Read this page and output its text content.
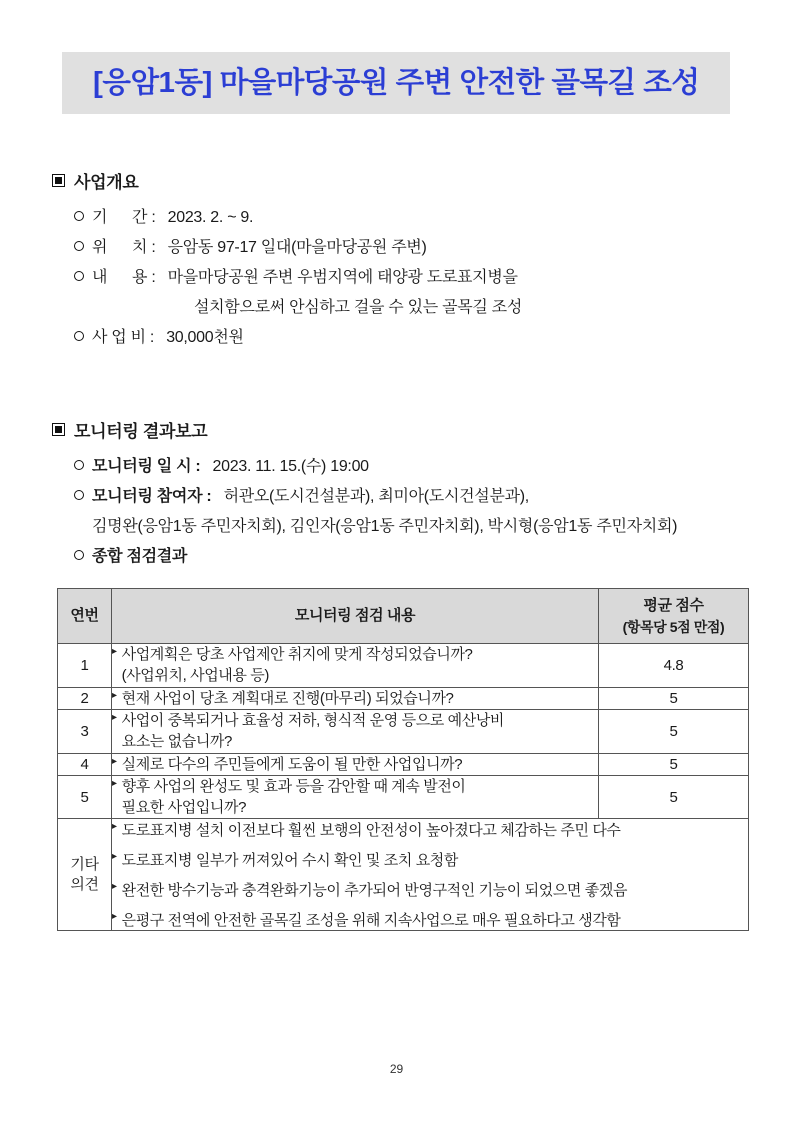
[응암1동] 마을마당공원 주변 안전한 골목길 조성
사업개요
기      간 : 2023. 2. ~ 9.
위      치 : 응암동 97-17 일대(마을마당공원 주변)
내      용 : 마을마당공원 주변 우범지역에 태양광 도로표지병을
설치함으로써 안심하고 걸을 수 있는 골목길 조성
사 업 비 : 30,000천원
모니터링 결과보고
모니터링 일 시 : 2023. 11. 15.(수) 19:00
모니터링 참여자 : 허관오(도시건설분과), 최미아(도시건설분과),
김명완(응암1동 주민자치회), 김인자(응암1동 주민자치회), 박시형(응암1동 주민자치회)
종합 점검결과
연번	모니터링 점검 내용	평균 점수
(항목당 5점 만점)

1	▸ 사업계획은 당초 사업제안 취지에 맞게 작성되었습니까?
(사업위치, 사업내용 등)	4.8
2	▸ 현재 사업이 당초 계획대로 진행(마무리) 되었습니까?	5
3	▸ 사업이 중복되거나 효율성 저하, 형식적 운영 등으로 예산낭비
요소는 없습니까?	5
4	▸ 실제로 다수의 주민들에게 도움이 될 만한 사업입니까?	5
5	▸ 향후 사업의 완성도 및 효과 등을 감안할 때 계속 발전이
필요한 사업입니까?	5

기타
의견

▸ 도로표지병 설치 이전보다 훨씬 보행의 안전성이 높아졌다고 체감하는 주민 다수
▸ 도로표지병 일부가 꺼져있어 수시 확인 및 조치 요청함
▸ 완전한 방수기능과 충격완화기능이 추가되어 반영구적인 기능이 되었으면 좋겠음
▸ 은평구 전역에 안전한 골목길 조성을 위해 지속사업으로 매우 필요하다고 생각함
29
